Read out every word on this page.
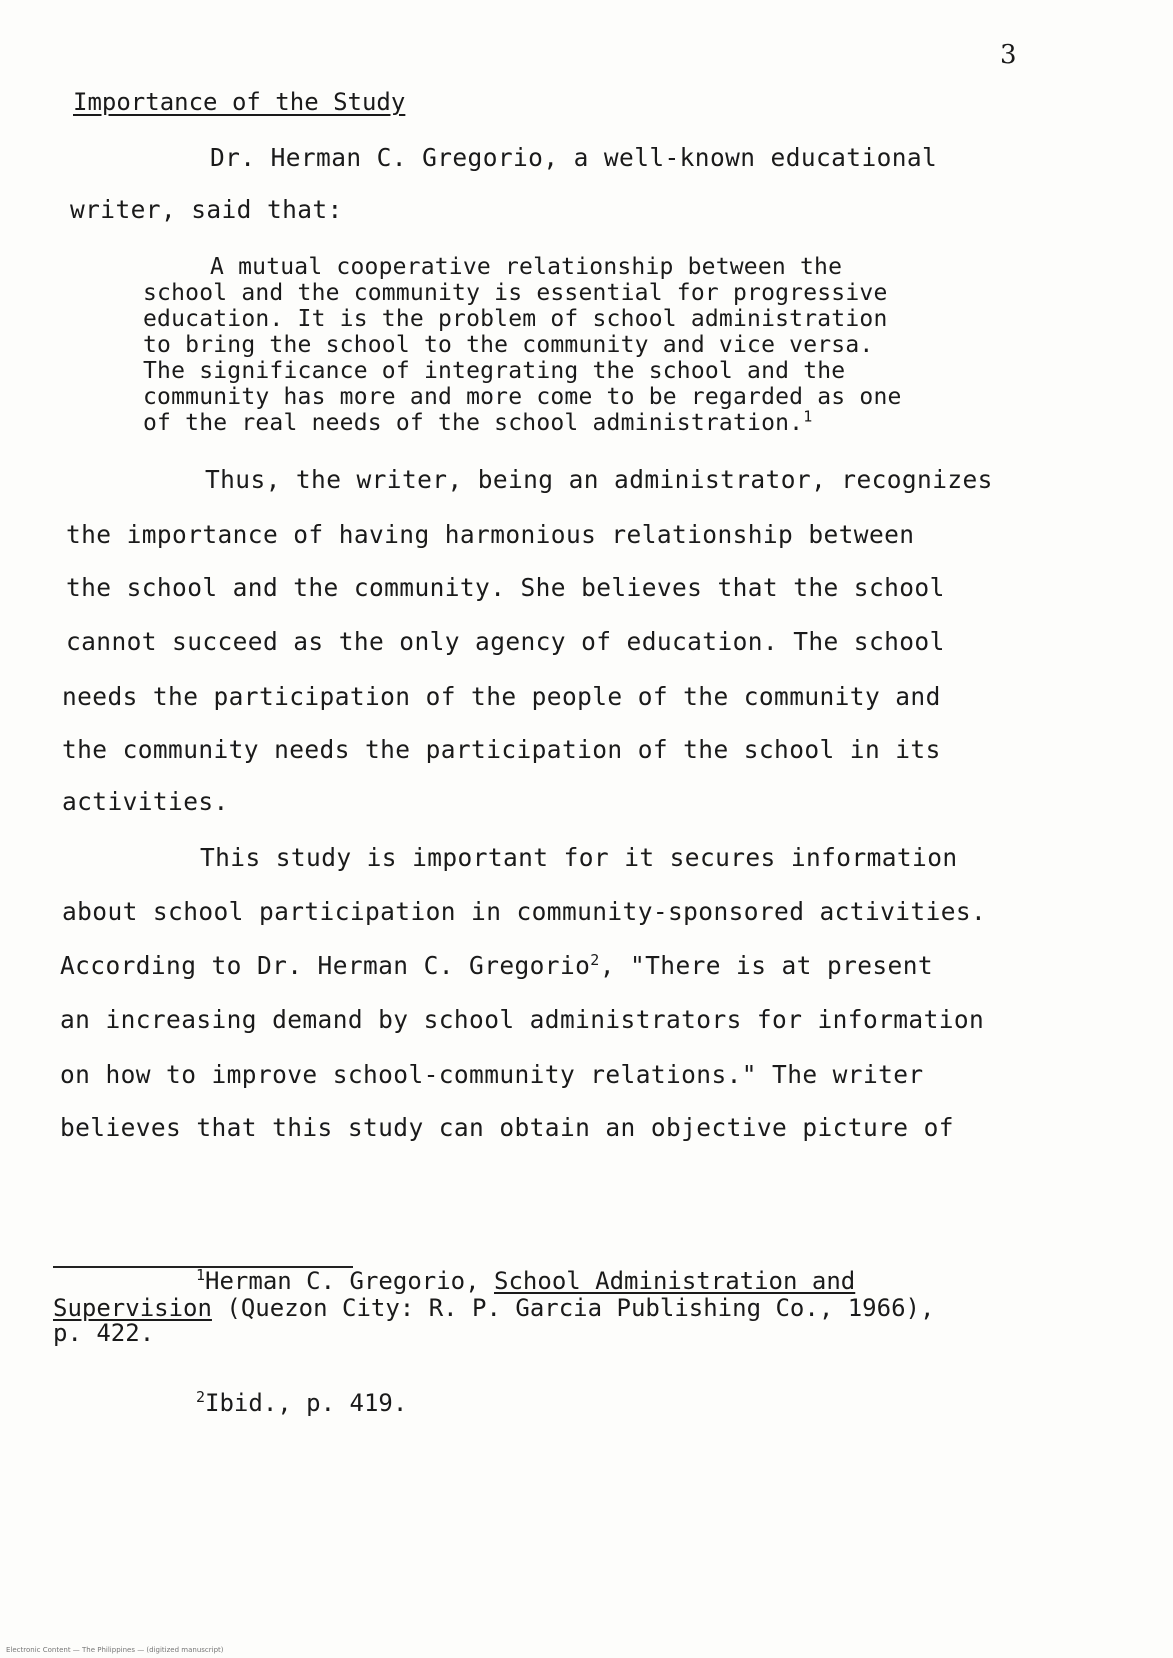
3
Importance of the Study
Dr. Herman C. Gregorio, a well-known educational
writer, said that:
A mutual cooperative relationship between the
school and the community is essential for progressive
education. It is the problem of school administration
to bring the school to the community and vice versa.
The significance of integrating the school and the
community has more and more come to be regarded as one
of the real needs of the school administration.$^1$
Thus, the writer, being an administrator, recognizes
the importance of having harmonious relationship between
the school and the community. She believes that the school
cannot succeed as the only agency of education. The school
needs the participation of the people of the community and
the community needs the participation of the school in its
activities.
This study is important for it secures information
about school participation in community-sponsored activities.
According to Dr. Herman C. Gregorio$^2$, "There is at present
an increasing demand by school administrators for information
on how to improve school-community relations." The writer
believes that this study can obtain an objective picture of
$^1$Herman C. Gregorio, School Administration and
Supervision (Quezon City: R. P. Garcia Publishing Co., 1966),
p. 422.
$^2$Ibid., p. 419.
Electronic Content — The Philippines — (digitized manuscript)
